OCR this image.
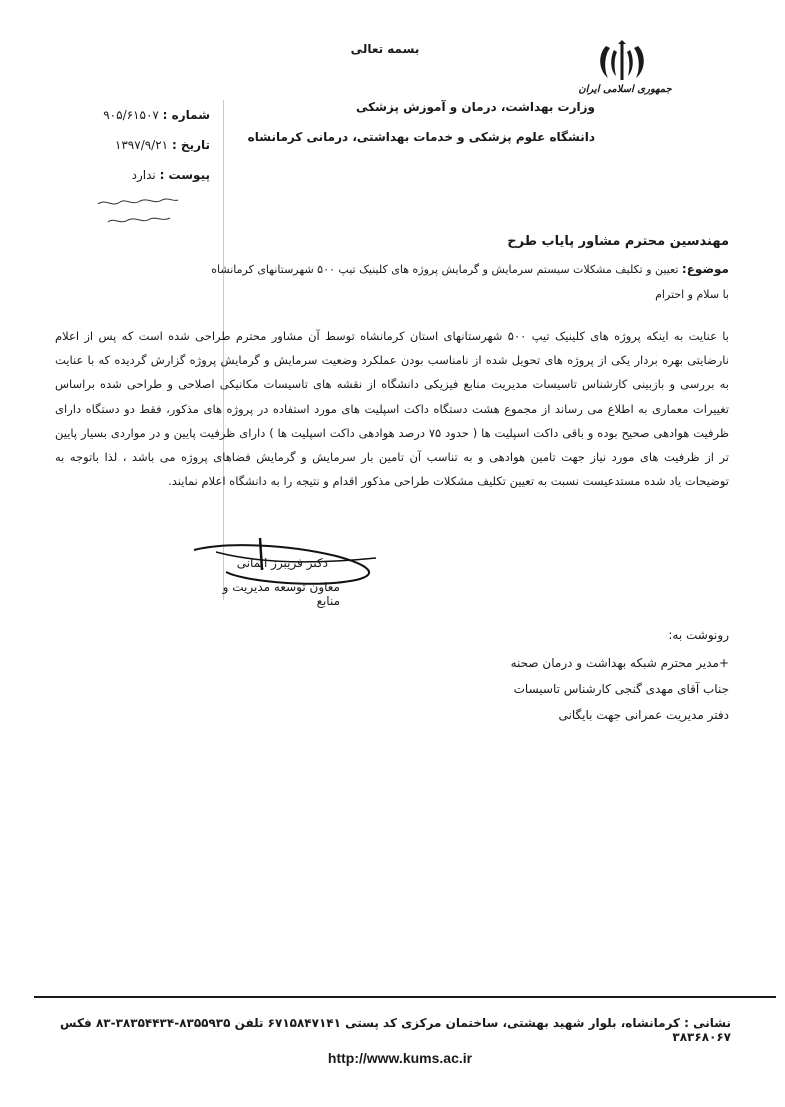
بسمه تعالی
جمهوری اسلامی ایران
وزارت بهداشت، درمان و آموزش پزشکی
دانشگاه علوم پزشکی و خدمات بهداشتی، درمانی کرمانشاه
شماره : ۹۰۵/۶۱۵۰۷
تاریخ : ۱۳۹۷/۹/۲۱
پیوست : ندارد
مهندسین محترم مشاور پایاب طرح
موضوع: تعیین و تکلیف مشکلات سیستم سرمایش و گرمایش پروژه های کلینیک تیپ ۵۰۰ شهرستانهای کرمانشاه
با سلام و احترام
با عنایت به اینکه پروژه های کلینیک تیپ ۵۰۰ شهرستانهای استان کرمانشاه توسط آن مشاور محترم طراحی شده است که پس از اعلام نارضایتی بهره بردار یکی از پروژه های تحویل شده از نامناسب بودن عملکرد وضعیت سرمایش و گرمایش پروژه گزارش گردیده که با عنایت به بررسی و بازبینی کارشناس تاسیسات مدیریت منابع فیزیکی دانشگاه از نقشه های تاسیسات مکانیکی اصلاحی و طراحی شده براساس تغییرات معماری به اطلاع می رساند از مجموع هشت دستگاه داکت اسپلیت های مورد استفاده در پروژه های مذکور، فقط دو دستگاه دارای ظرفیت هوادهی صحیح بوده و باقی داکت اسپلیت ها ( حدود ۷۵ درصد هوادهی داکت اسپلیت ها ) دارای ظرفیت پایین و در مواردی بسیار پایین تر از ظرفیت های مورد نیاز جهت تامین هوادهی و به تناسب آن تامین بار سرمایش و گرمایش فضاهای پروژه می باشد ، لذا باتوجه به توضیحات یاد شده مستدعیست نسبت به تعیین تکلیف مشکلات طراحی مذکور اقدام و نتیجه را به دانشگاه اعلام نمایند.
دکتر فریبرز ایمانی
معاون توسعه مدیریت و منابع
رونوشت به:
+مدیر محترم شبکه بهداشت و درمان صحنه
جناب آقای مهدی گنجی کارشناس تاسیسات
دفتر مدیریت عمرانی جهت بایگانی
نشانی : کرمانشاه، بلوار شهید بهشتی، ساختمان مرکزی کد پستی ۶۷۱۵۸۴۷۱۴۱ تلفن ۸۳۵۵۹۳۵-۳۸۳۵۴۴۳۴-۸۳ فکس ۳۸۳۶۸۰۶۷
http://www.kums.ac.ir
